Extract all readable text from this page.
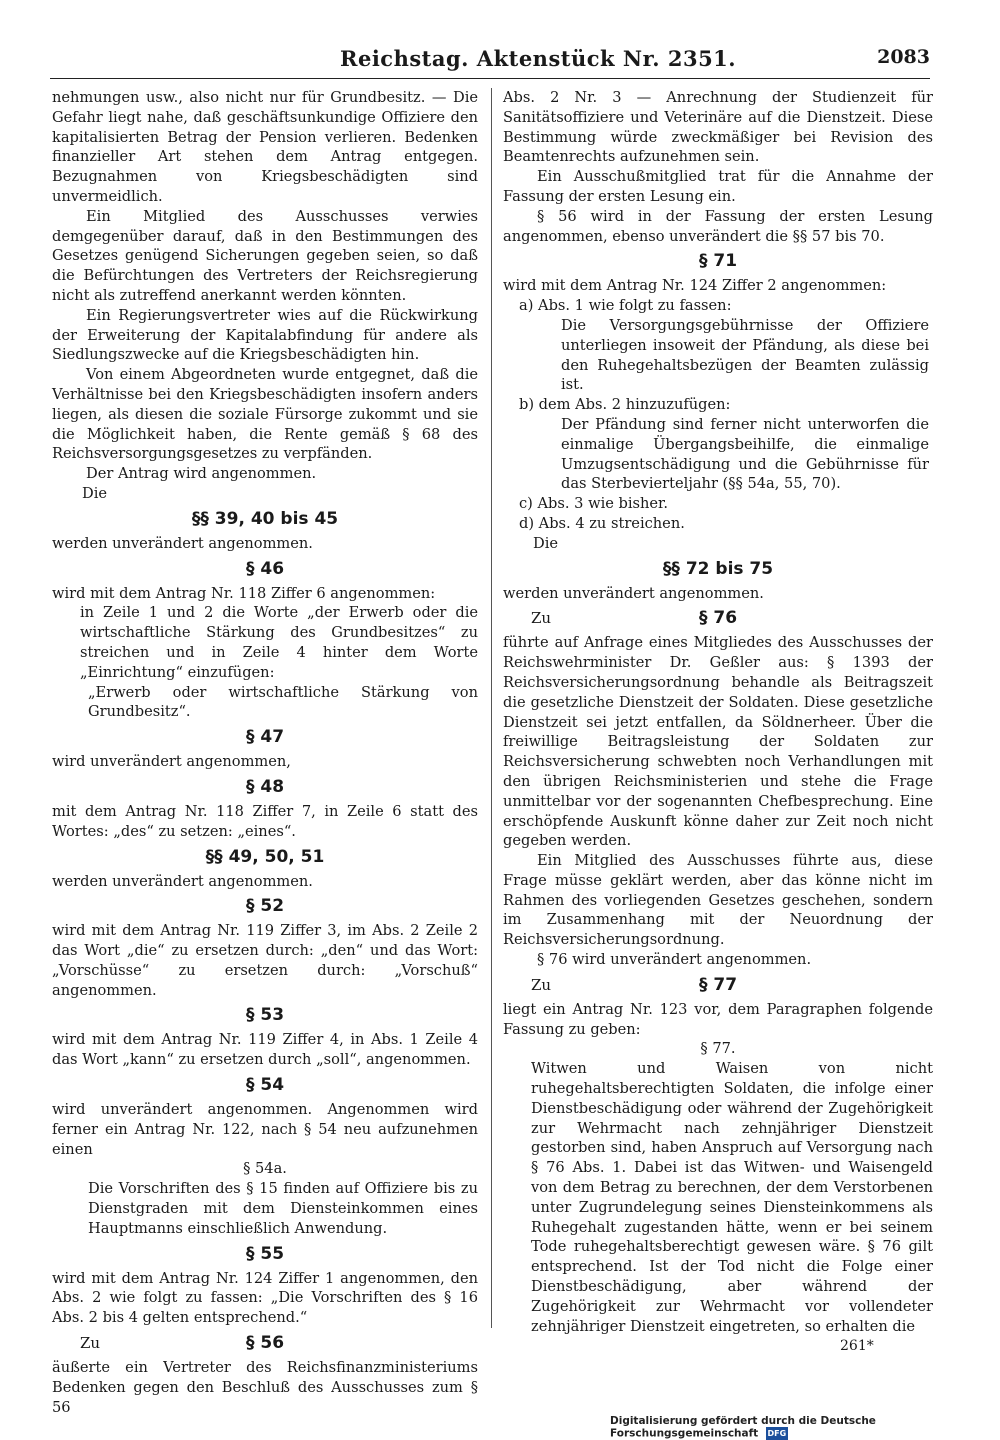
Reichstag. Aktenstück Nr. 2351.	2083

nehmungen usw., also nicht nur für Grundbesitz. — Die Gefahr liegt nahe, daß geschäftsunkundige Offiziere den kapitalisierten Betrag der Pension verlieren. Bedenken finanzieller Art stehen dem Antrag entgegen. Bezugnahmen von Kriegsbeschädigten sind unvermeidlich.

Ein Mitglied des Ausschusses verwies demgegenüber darauf, daß in den Bestimmungen des Gesetzes genügend Sicherungen gegeben seien, so daß die Befürchtungen des Vertreters der Reichsregierung nicht als zutreffend anerkannt werden könnten.

Ein Regierungsvertreter wies auf die Rückwirkung der Erweiterung der Kapitalabfindung für andere als Siedlungszwecke auf die Kriegsbeschädigten hin.

Von einem Abgeordneten wurde entgegnet, daß die Verhältnisse bei den Kriegsbeschädigten insofern anders liegen, als diesen die soziale Fürsorge zukommt und sie die Möglichkeit haben, die Rente gemäß § 68 des Reichsversorgungsgesetzes zu verpfänden.

Der Antrag wird angenommen.

Die

§§ 39, 40 bis 45

werden unverändert angenommen.

§ 46

wird mit dem Antrag Nr. 118 Ziffer 6 angenommen:

in Zeile 1 und 2 die Worte „der Erwerb oder die wirtschaftliche Stärkung des Grundbesitzes“ zu streichen und in Zeile 4 hinter dem Worte „Einrichtung“ einzufügen:

„Erwerb oder wirtschaftliche Stärkung von Grundbesitz“.

§ 47

wird unverändert angenommen,

§ 48

mit dem Antrag Nr. 118 Ziffer 7, in Zeile 6 statt des Wortes: „des“ zu setzen: „eines“.

§§ 49, 50, 51

werden unverändert angenommen.

§ 52

wird mit dem Antrag Nr. 119 Ziffer 3, im Abs. 2 Zeile 2 das Wort „die“ zu ersetzen durch: „den“ und das Wort: „Vorschüsse“ zu ersetzen durch: „Vorschuß“ angenommen.

§ 53

wird mit dem Antrag Nr. 119 Ziffer 4, in Abs. 1 Zeile 4 das Wort „kann“ zu ersetzen durch „soll“, angenommen.

§ 54

wird unverändert angenommen. Angenommen wird ferner ein Antrag Nr. 122, nach § 54 neu aufzunehmen einen

§ 54a.

Die Vorschriften des § 15 finden auf Offiziere bis zu Dienstgraden mit dem Diensteinkommen eines Hauptmanns einschließlich Anwendung.

§ 55

wird mit dem Antrag Nr. 124 Ziffer 1 angenommen, den Abs. 2 wie folgt zu fassen: „Die Vorschriften des § 16 Abs. 2 bis 4 gelten entsprechend.“

Zu	§ 56

äußerte ein Vertreter des Reichsfinanzministeriums Bedenken gegen den Beschluß des Ausschusses zum § 56

Abs. 2 Nr. 3 — Anrechnung der Studienzeit für Sanitätsoffiziere und Veterinäre auf die Dienstzeit. Diese Bestimmung würde zweckmäßiger bei Revision des Beamtenrechts aufzunehmen sein.

Ein Ausschußmitglied trat für die Annahme der Fassung der ersten Lesung ein.

§ 56 wird in der Fassung der ersten Lesung angenommen, ebenso unverändert die §§ 57 bis 70.

§ 71

wird mit dem Antrag Nr. 124 Ziffer 2 angenommen:

a) Abs. 1 wie folgt zu fassen:

Die Versorgungsgebührnisse der Offiziere unterliegen insoweit der Pfändung, als diese bei den Ruhegehaltsbezügen der Beamten zulässig ist.

b) dem Abs. 2 hinzuzufügen:

Der Pfändung sind ferner nicht unterworfen die einmalige Übergangsbeihilfe, die einmalige Umzugsentschädigung und die Gebührnisse für das Sterbevierteljahr (§§ 54a, 55, 70).

c) Abs. 3 wie bisher.

d) Abs. 4 zu streichen.

Die

§§ 72 bis 75

werden unverändert angenommen.

Zu	§ 76

führte auf Anfrage eines Mitgliedes des Ausschusses der Reichswehrminister Dr. Geßler aus: § 1393 der Reichsversicherungsordnung behandle als Beitragszeit die gesetzliche Dienstzeit der Soldaten. Diese gesetzliche Dienstzeit sei jetzt entfallen, da Söldnerheer. Über die freiwillige Beitragsleistung der Soldaten zur Reichsversicherung schwebten noch Verhandlungen mit den übrigen Reichsministerien und stehe die Frage unmittelbar vor der sogenannten Chefbesprechung. Eine erschöpfende Auskunft könne daher zur Zeit noch nicht gegeben werden.

Ein Mitglied des Ausschusses führte aus, diese Frage müsse geklärt werden, aber das könne nicht im Rahmen des vorliegenden Gesetzes geschehen, sondern im Zusammenhang mit der Neuordnung der Reichsversicherungsordnung.

§ 76 wird unverändert angenommen.

Zu	§ 77

liegt ein Antrag Nr. 123 vor, dem Paragraphen folgende Fassung zu geben:

§ 77.

Witwen und Waisen von nicht ruhegehaltsberechtigten Soldaten, die infolge einer Dienstbeschädigung oder während der Zugehörigkeit zur Wehrmacht nach zehnjähriger Dienstzeit gestorben sind, haben Anspruch auf Versorgung nach § 76 Abs. 1. Dabei ist das Witwen- und Waisengeld von dem Betrag zu berechnen, der dem Verstorbenen unter Zugrundelegung seines Diensteinkommens als Ruhegehalt zugestanden hätte, wenn er bei seinem Tode ruhegehaltsberechtigt gewesen wäre. § 76 gilt entsprechend. Ist der Tod nicht die Folge einer Dienstbeschädigung, aber während der Zugehörigkeit zur Wehrmacht vor vollendeter zehnjähriger Dienstzeit eingetreten, so erhalten die

261*
Digitalisierung gefördert durch die Deutsche Forschungsgemeinschaft DFG
